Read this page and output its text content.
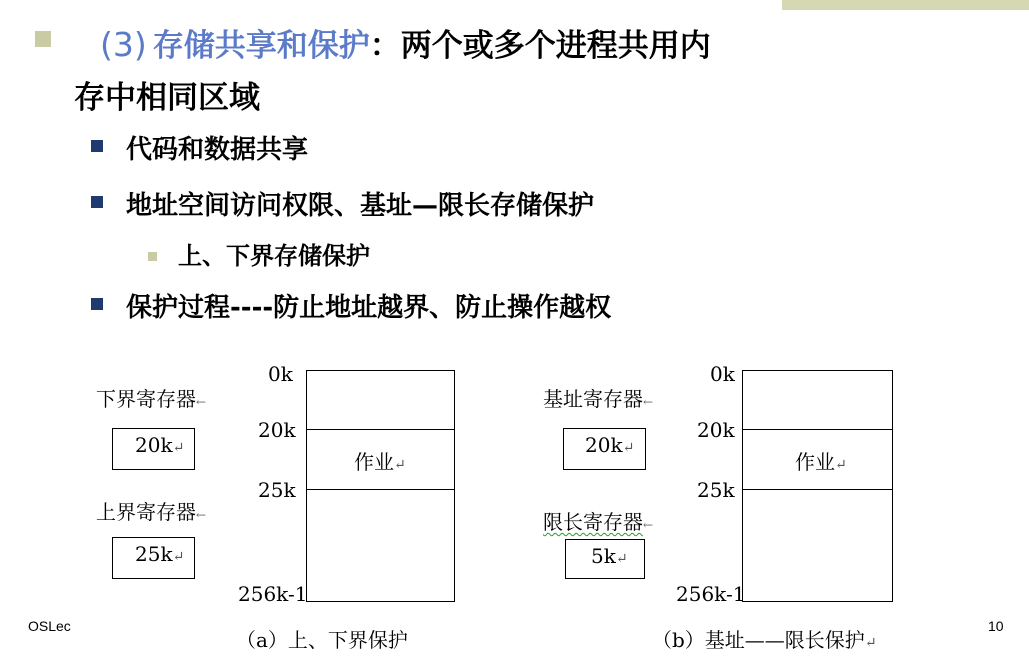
(3) 存储共享和保护：两个或多个进程共用内
存中相同区域
代码和数据共享
地址空间访问权限、基址—限长存储保护
上、下界存储保护
保护过程----防止地址越界、防止操作越权
下界寄存器←
20k↵
上界寄存器←
25k↵
作业↵
0k
20k
25k
256k-1
（a）上、下界保护
基址寄存器←
20k↵
限长寄存器←
5k↵
作业↵
0k
20k
25k
256k-1
（b）基址——限长保护↵
OSLec	10
